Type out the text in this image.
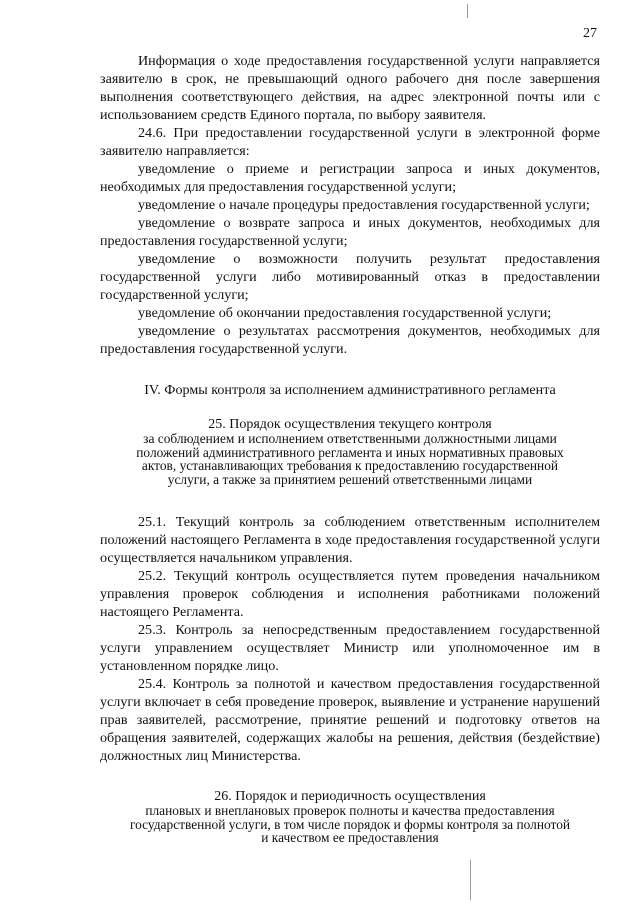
27

Информация о ходе предоставления государственной услуги направляется заявителю в срок, не превышающий одного рабочего дня после завершения выполнения соответствующего действия, на адрес электронной почты или с использованием средств Единого портала, по выбору заявителя.

24.6. При предоставлении государственной услуги в электронной форме заявителю направляется:

уведомление о приеме и регистрации запроса и иных документов, необходимых для предоставления государственной услуги;

уведомление о начале процедуры предоставления государственной услуги;

уведомление о возврате запроса и иных документов, необходимых для предоставления государственной услуги;

уведомление о возможности получить результат предоставления государственной услуги либо мотивированный отказ в предоставлении государственной услуги;

уведомление об окончании предоставления государственной услуги;

уведомление о результатах рассмотрения документов, необходимых для предоставления государственной услуги.

IV. Формы контроля за исполнением административного регламента
25. Порядок осуществления текущего контроля
за соблюдением и исполнением ответственными должностными лицами
положений административного регламента и иных нормативных правовых
актов, устанавливающих требования к предоставлению государственной
услуги, а также за принятием решений ответственными лицами

25.1. Текущий контроль за соблюдением ответственным исполнителем положений настоящего Регламента в ходе предоставления государственной услуги осуществляется начальником управления.

25.2. Текущий контроль осуществляется путем проведения начальником управления проверок соблюдения и исполнения работниками положений настоящего Регламента.

25.3. Контроль за непосредственным предоставлением государственной услуги управлением осуществляет Министр или уполномоченное им в установленном порядке лицо.

25.4. Контроль за полнотой и качеством предоставления государственной услуги включает в себя проведение проверок, выявление и устранение нарушений прав заявителей, рассмотрение, принятие решений и подготовку ответов на обращения заявителей, содержащих жалобы на решения, действия (бездействие) должностных лиц Министерства.

26. Порядок и периодичность осуществления
плановых и внеплановых проверок полноты и качества предоставления
государственной услуги, в том числе порядок и формы контроля за полнотой
и качеством ее предоставления
